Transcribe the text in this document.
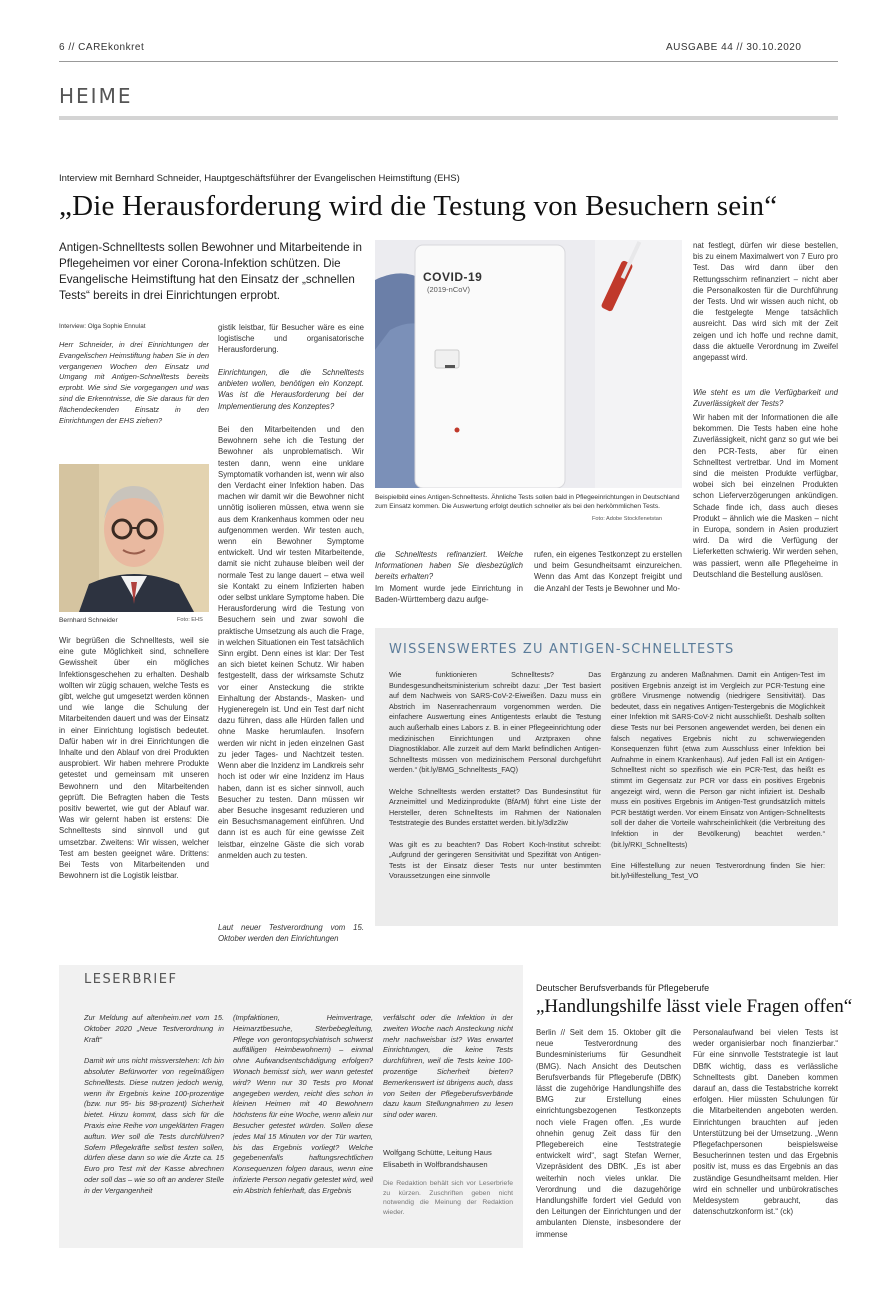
6 // CAREkonkret	AUSGABE 44 // 30.10.2020
HEIME
Interview mit Bernhard Schneider, Hauptgeschäftsführer der Evangelischen Heimstiftung (EHS)
„Die Herausforderung wird die Testung von Besuchern sein“
Antigen-Schnelltests sollen Bewohner und Mitarbeitende in Pflegeheimen vor einer Corona-Infektion schützen. Die Evangelische Heimstiftung hat den Einsatz der „schnellen Tests“ bereits in drei Einrichtungen erprobt.
Interview: Olga Sophie Ennulat
Herr Schneider, in drei Einrichtungen der Evangelischen Heimstiftung haben Sie in den vergangenen Wochen den Einsatz und Umgang mit Antigen-Schnelltests bereits erprobt. Wie sind Sie vorgegangen und was sind die Erkenntnisse, die Sie daraus für den flächendeckenden Einsatz in den Einrichtungen der EHS ziehen?
Bernhard Schneider	Foto: EHS
Wir begrüßen die Schnelltests, weil sie eine gute Möglichkeit sind, schnellere Gewissheit über ein mögliches Infektionsgeschehen zu erhalten. Deshalb wollten wir zügig schauen, welche Tests es gibt, welche gut umgesetzt werden können und wie lange die Schulung der Mitarbeitenden dauert und was der Einsatz in einer Einrichtung logistisch bedeutet. Dafür haben wir in drei Einrichtungen die Inhalte und den Ablauf von drei Produkten ausprobiert. Wir haben mehrere Produkte getestet und gemeinsam mit unseren Bewohnern und den Mitarbeitenden geprüft. Die Befragten haben die Tests positiv bewertet, wie gut der Ablauf war. Was wir gelernt haben ist erstens: Die Schnelltests sind sinnvoll und gut umsetzbar. Zweitens: Wir wissen, welcher Test am besten geeignet wäre. Drittens: Bei Tests von Mitarbeitenden und Bewohnern ist die Logistik leistbar.
gistik leistbar, für Besucher wäre es eine logistische und organisatorische Herausforderung.
Einrichtungen, die die Schnelltests anbieten wollen, benötigen ein Konzept. Was ist die Herausforderung bei der Implementierung des Konzeptes?
Bei den Mitarbeitenden und den Bewohnern sehe ich die Testung der Bewohner als unproblematisch. Wir testen dann, wenn eine unklare Symptomatik vorhanden ist, wenn wir also den Verdacht einer Infektion haben. Das machen wir damit wir die Bewohner nicht unnötig isolieren müssen, etwa wenn sie aus dem Krankenhaus kommen oder neu aufgenommen werden. Wir testen auch, wenn ein Bewohner Symptome entwickelt. Und wir testen Mitarbeitende, damit sie nicht zuhause bleiben weil der normale Test zu lange dauert – etwa weil sie Kontakt zu einem Infizierten haben oder selbst unklare Symptome haben. Die Herausforderung wird die Testung von Besuchern sein und zwar sowohl die praktische Umsetzung als auch die Frage, in welchen Situationen ein Test tatsächlich Sinn ergibt. Denn eines ist klar: Der Test an sich bietet keinen Schutz. Wir haben festgestellt, dass der wirksamste Schutz vor einer Ansteckung die strikte Einhaltung der Abstands-, Masken- und Hygieneregeln ist. Und ein Test darf nicht dazu führen, dass alle Hürden fallen und ohne Maske herumlaufen. Insofern werden wir nicht in jeden einzelnen Gast zu jeder Tages- und Nachtzeit testen. Wenn aber die Inzidenz im Landkreis sehr hoch ist oder wir eine Inzidenz im Haus haben, dann ist es sicher sinnvoll, auch Besucher zu testen. Dann müssen wir aber Besuche insgesamt reduzieren und ein Besuchsmanagement einführen. Und dann ist es auch für eine gewisse Zeit leistbar, einzelne Gäste die sich vorab anmelden auch zu testen.
Laut neuer Testverordnung vom 15. Oktober werden den Einrichtungen
COVID-19
(2019-nCoV)
Beispielbild eines Antigen-Schnelltests. Ähnliche Tests sollen bald in Pflegeeinrichtungen in Deutschland zum Einsatz kommen. Die Auswertung erfolgt deutlich schneller als bei den herkömmlichen Tests.
Foto: Adobe Stock/lenetstan
die Schnelltests refinanziert. Welche Informationen haben Sie diesbezüglich bereits erhalten?
Im Moment wurde jede Einrichtung in Baden-Württemberg dazu aufge-
rufen, ein eigenes Testkonzept zu erstellen und beim Gesundheitsamt einzureichen. Wenn das Amt das Konzept freigibt und die Anzahl der Tests je Bewohner und Mo-
nat festlegt, dürfen wir diese bestellen, bis zu einem Maximalwert von 7 Euro pro Test. Das wird dann über den Rettungsschirm refinanziert – nicht aber die Personalkosten für die Durchführung der Tests. Und wir wissen auch nicht, ob die festgelegte Menge tatsächlich ausreicht. Das wird sich mit der Zeit zeigen und ich hoffe und rechne damit, dass die aktuelle Verordnung im Zweifel angepasst wird.
Wie steht es um die Verfügbarkeit und Zuverlässigkeit der Tests?
Wir haben mit der Informationen die alle bekommen. Die Tests haben eine hohe Zuverlässigkeit, nicht ganz so gut wie bei den PCR-Tests, aber für einen Schnelltest vertretbar. Und im Moment sind die meisten Produkte verfügbar, wobei sich bei einzelnen Produkten schon Lieferverzögerungen ankündigen. Schade finde ich, dass auch dieses Produkt – ähnlich wie die Masken – nicht in Europa, sondern in Asien produziert wird. Da wird die Verfügung der Lieferketten schwierig. Wir werden sehen, was passiert, wenn alle Pflegeheime in Deutschland die Bestellung auslösen.
WISSENSWERTES ZU ANTIGEN-SCHNELLTESTS
Wie funktionieren Schnelltests? Das Bundesgesundheitsministerium schreibt dazu: „Der Test basiert auf dem Nachweis von SARS-CoV-2-Eiweißen. Dazu muss ein Abstrich im Nasenrachenraum vorgenommen werden. Die einfachere Auswertung eines Antigentests erlaubt die Testung auch außerhalb eines Labors z. B. in einer Pflegeeinrichtung oder medizinischen Einrichtungen und Arztpraxen ohne Diagnostiklabor. Alle zurzeit auf dem Markt befindlichen Antigen-Schnelltests müssen von medizinischem Personal durchgeführt werden.“ (bit.ly/BMG_Schnelltests_FAQ)

Welche Schnelltests werden erstattet? Das Bundesinstitut für Arzneimittel und Medizinprodukte (BfArM) führt eine Liste der Hersteller, deren Schnelltests im Rahmen der Nationalen Teststrategie des Bundes erstattet werden. bit.ly/3dlz2iw

Was gilt es zu beachten? Das Robert Koch-Institut schreibt: „Aufgrund der geringeren Sensitivität und Spezifität von Antigen-Tests ist der Einsatz dieser Tests nur unter bestimmten Voraussetzungen eine sinnvolle
Ergänzung zu anderen Maßnahmen. Damit ein Antigen-Test im positiven Ergebnis anzeigt ist im Vergleich zur PCR-Testung eine größere Virusmenge notwendig (niedrigere Sensitivität). Das bedeutet, dass ein negatives Antigen-Testergebnis die Möglichkeit einer Infektion mit SARS-CoV-2 nicht ausschließt. Deshalb sollten diese Tests nur bei Personen angewendet werden, bei denen ein falsch negatives Ergebnis nicht zu schwerwiegenden Konsequenzen führt (etwa zum Ausschluss einer Infektion bei Aufnahme in einem Krankenhaus). Auf jeden Fall ist ein Antigen-Schnelltest nicht so spezifisch wie ein PCR-Test, das heißt es stimmt im Gegensatz zur PCR vor dass ein positives Ergebnis angezeigt wird, wenn die Person gar nicht infiziert ist. Deshalb muss ein positives Ergebnis im Antigen-Test grundsätzlich mittels PCR bestätigt werden. Vor einem Einsatz von Antigen-Schnelltests soll der daher die Vorteile wahrscheinlichkeit (die Verbreitung des Infektion in der Bevölkerung) beachtet werden.“ (bit.ly/RKI_Schnelltests)

Eine Hilfestellung zur neuen Testverordnung finden Sie hier: bit.ly/Hilfestellung_Test_VO
LESERBRIEF
Zur Meldung auf altenheim.net vom 15. Oktober 2020 „Neue Testverordnung in Kraft“

Damit wir uns nicht missverstehen: Ich bin absoluter Befürworter von regelmäßigen Schnelltests. Diese nutzen jedoch wenig, wenn ihr Ergebnis keine 100-prozentige (bzw. nur 95- bis 98-prozent) Sicherheit bietet. Hinzu kommt, dass sich für die Praxis eine Reihe von ungeklärten Fragen auftun. Wer soll die Tests durchführen? Sofern Pflegekräfte selbst testen sollen, dürfen diese dann so wie die Ärzte ca. 15 Euro pro Test mit der Kasse abrechnen oder soll das – wie so oft an anderer Stelle in der Vergangenheit
(Impfaktionen, Heimvertrage, Heimarztbesuche, Sterbebegleitung, Pflege von gerontopsychiatrisch schwerst auffälligen Heimbewohnern) – einmal ohne Aufwandsentschädigung erfolgen? Wonach bemisst sich, wer wann getestet wird? Wenn nur 30 Tests pro Monat angegeben werden, reicht dies schon in kleinen Heimen mit 40 Bewohnern höchstens für eine Woche, wenn allein nur Besucher getestet würden. Sollen diese jedes Mal 15 Minuten vor der Tür warten, bis das Ergebnis vorliegt? Welche gegebenenfalls haftungsrechtlichen Konsequenzen folgen daraus, wenn eine infizierte Person negativ getestet wird, weil ein Abstrich fehlerhaft, das Ergebnis
verfälscht oder die Infektion in der zweiten Woche nach Ansteckung nicht mehr nachweisbar ist? Was erwartet Einrichtungen, die keine Tests durchführen, weil die Tests keine 100-prozentige Sicherheit bieten? Bemerkenswert ist übrigens auch, dass von Seiten der Pflegeberufsverbände dazu kaum Stellungnahmen zu lesen sind oder waren.
Wolfgang Schütte, Leitung Haus
Elisabeth in Wolfbrandshausen
Die Redaktion behält sich vor Leserbriefe zu kürzen. Zuschriften geben nicht notwendig die Meinung der Redaktion wieder.
Deutscher Berufsverbands für Pflegeberufe
„Handlungshilfe lässt viele Fragen offen“
Berlin // Seit dem 15. Oktober gilt die neue Testverordnung des Bundesministeriums für Gesundheit (BMG). Nach Ansicht des Deutschen Berufsverbands für Pflegeberufe (DBfK) lässt die zugehörige Handlungshilfe des BMG zur Erstellung eines einrichtungsbezogenen Testkonzepts noch viele Fragen offen. „Es wurde ohnehin genug Zeit dass für den Pflegebereich eine Teststrategie entwickelt wird“, sagt Stefan Werner, Vizepräsident des DBfK. „Es ist aber weiterhin noch vieles unklar. Die Verordnung und die dazugehörige Handlungshilfe fordert viel Geduld von den Leitungen der Einrichtungen und der ambulanten Dienste, insbesondere der immense
Personalaufwand bei vielen Tests ist weder organisierbar noch finanzierbar.“ Für eine sinnvolle Teststrategie ist laut DBfK wichtig, dass es verlässliche Schnelltests gibt. Daneben kommen darauf an, dass die Testabstriche korrekt erfolgen. Hier müssten Schulungen für die Mitarbeitenden angeboten werden. Einrichtungen brauchten auf jeden Unterstützung bei der Umsetzung. „Wenn Pflegefachpersonen beispielsweise Besucherinnen testen und das Ergebnis positiv ist, muss es das Ergebnis an das zuständige Gesundheitsamt melden. Hier wird ein schneller und unbürokratisches Meldesystem gebraucht, das datenschutzkonform ist.“ (ck)
